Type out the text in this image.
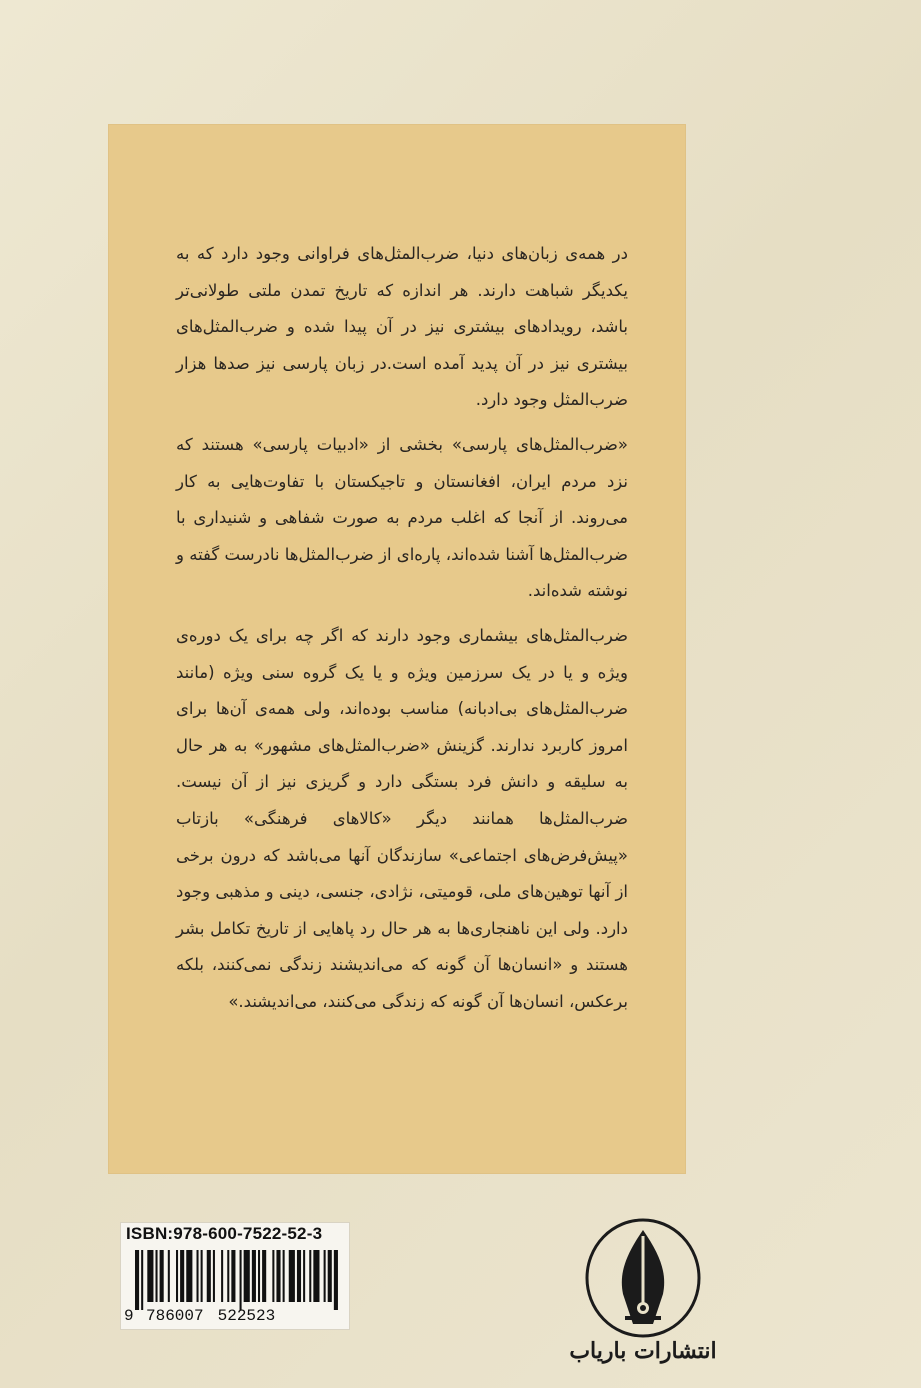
در همه‌ی زبان‌های دنیا، ضرب‌المثل‌های فراوانی وجود دارد که به یکدیگر شباهت دارند. هر اندازه که تاریخ تمدن ملتی طولانی‌تر باشد، رویدادهای بیشتری نیز در آن پیدا شده و ضرب‌المثل‌های بیشتری نیز در آن پدید آمده است.در زبان پارسی نیز صدها هزار ضرب‌المثل وجود دارد.

«ضرب‌المثل‌های پارسی» بخشی از «ادبیات پارسی» هستند که نزد مردم ایران، افغانستان و تاجیکستان با تفاوت‌هایی به کار می‌روند. از آنجا که اغلب مردم به صورت شفاهی و شنیداری با ضرب‌المثل‌ها آشنا شده‌اند، پاره‌ای از ضرب‌المثل‌ها نادرست گفته و نوشته شده‌اند.

ضرب‌المثل‌های بیشماری وجود دارند که اگر چه برای یک دوره‌ی ویژه و یا در یک سرزمین ویژه و یا یک گروه سنی ویژه (مانند ضرب‌المثل‌های بی‌ادبانه) مناسب بوده‌اند، ولی همه‌ی آن‌ها برای امروز کاربرد ندارند. گزینش «ضرب‌المثل‌های مشهور» به هر حال به سلیقه و دانش فرد بستگی دارد و گریزی نیز از آن نیست. ضرب‌المثل‌ها همانند دیگر «کالاهای فرهنگی» بازتاب «پیش‌فرض‌های اجتماعی» سازندگان آنها می‌باشد که درون برخی از آنها توهین‌های ملی، قومیتی، نژادی، جنسی، دینی و مذهبی وجود دارد. ولی این ناهنجاری‌ها به هر حال رد پاهایی از تاریخ تکامل بشر هستند و «انسان‌ها آن گونه که می‌اندیشند زندگی نمی‌کنند، بلکه برعکس، انسان‌ها آن گونه که زندگی می‌کنند، می‌اندیشند.»

ISBN:978-600-7522-52-3
9 786007 522523
انتشارات باریاب
